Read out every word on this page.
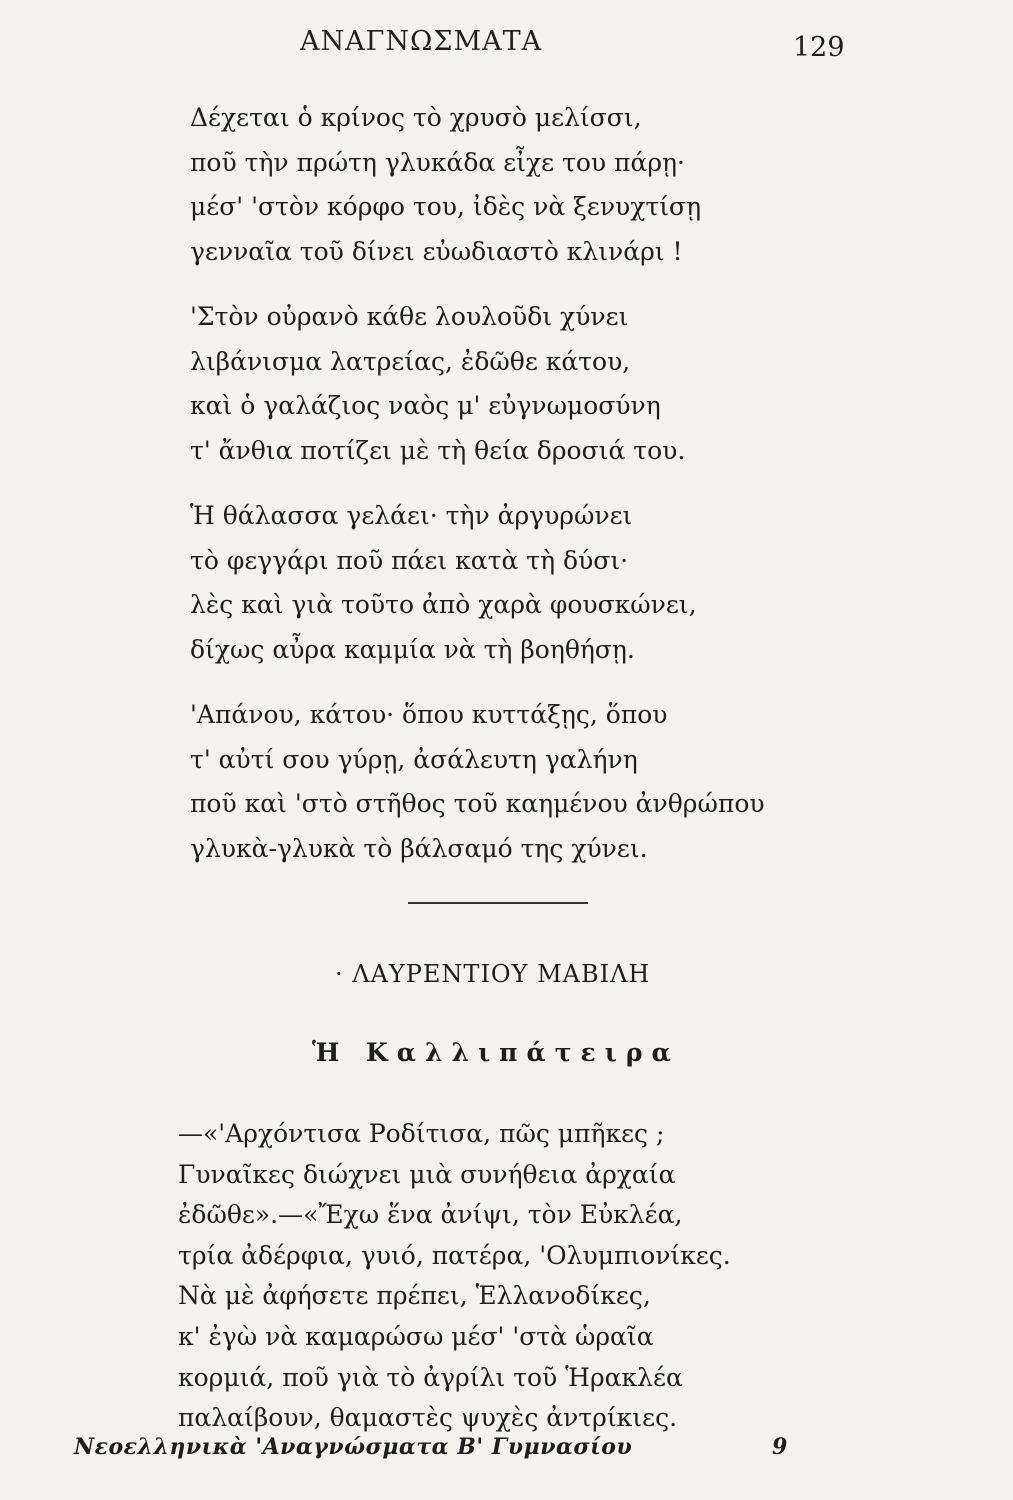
ΑΝΑΓΝΩΣΜΑΤΑ	129
Δέχεται ὁ κρίνος τὸ χρυσὸ μελίσσι,
ποῦ τὴν πρώτη γλυκάδα εἶχε του πάρῃ·
μέσ' 'στὸν κόρφο του, ἰδὲς νὰ ξενυχτίσῃ
γενναῖα τοῦ δίνει εὐωδιαστὸ κλινάρι !
'Στὸν οὐρανὸ κάθε λουλοῦδι χύνει
λιβάνισμα λατρείας, ἐδῶθε κάτου,
καὶ ὁ γαλάζιος ναὸς μ' εὐγνωμοσύνη
τ' ἄνθια ποτίζει μὲ τὴ θεία δροσιά του.
Ἡ θάλασσα γελάει· τὴν ἀργυρώνει
τὸ φεγγάρι ποῦ πάει κατὰ τὴ δύσι·
λὲς καὶ γιὰ τοῦτο ἀπὸ χαρὰ φουσκώνει,
δίχως αὖρα καμμία νὰ τὴ βοηθήσῃ.
'Απάνου, κάτου· ὅπου κυττάξῃς, ὅπου
τ' αὐτί σου γύρῃ, ἀσάλευτη γαλήνη
ποῦ καὶ 'στὸ στῆθος τοῦ καημένου ἀνθρώπου
γλυκὰ-γλυκὰ τὸ βάλσαμό της χύνει.
· ΛΑΥΡΕΝΤΙΟΥ ΜΑΒΙΛΗ
Ἡ Καλλιπάτειρα
—«'Αρχόντισα Ροδίτισα, πῶς μπῆκες ;
Γυναῖκες διώχνει μιὰ συνήθεια ἀρχαία
ἐδῶθε».—«Ἔχω ἕνα ἀνίψι, τὸν Εὐκλέα,
τρία ἀδέρφια, γυιό, πατέρα, 'Ολυμπιονίκες.
Νὰ μὲ ἀφήσετε πρέπει, Ἑλλανοδίκες,
κ' ἐγὼ νὰ καμαρώσω μέσ' 'στὰ ὡραῖα
κορμιά, ποῦ γιὰ τὸ ἀγρίλι τοῦ Ἡρακλέα
παλαίβουν, θαμαστὲς ψυχὲς ἀντρίκιες.
Νεοελληνικὰ 'Αναγνώσματα Β' Γυμνασίου	9
